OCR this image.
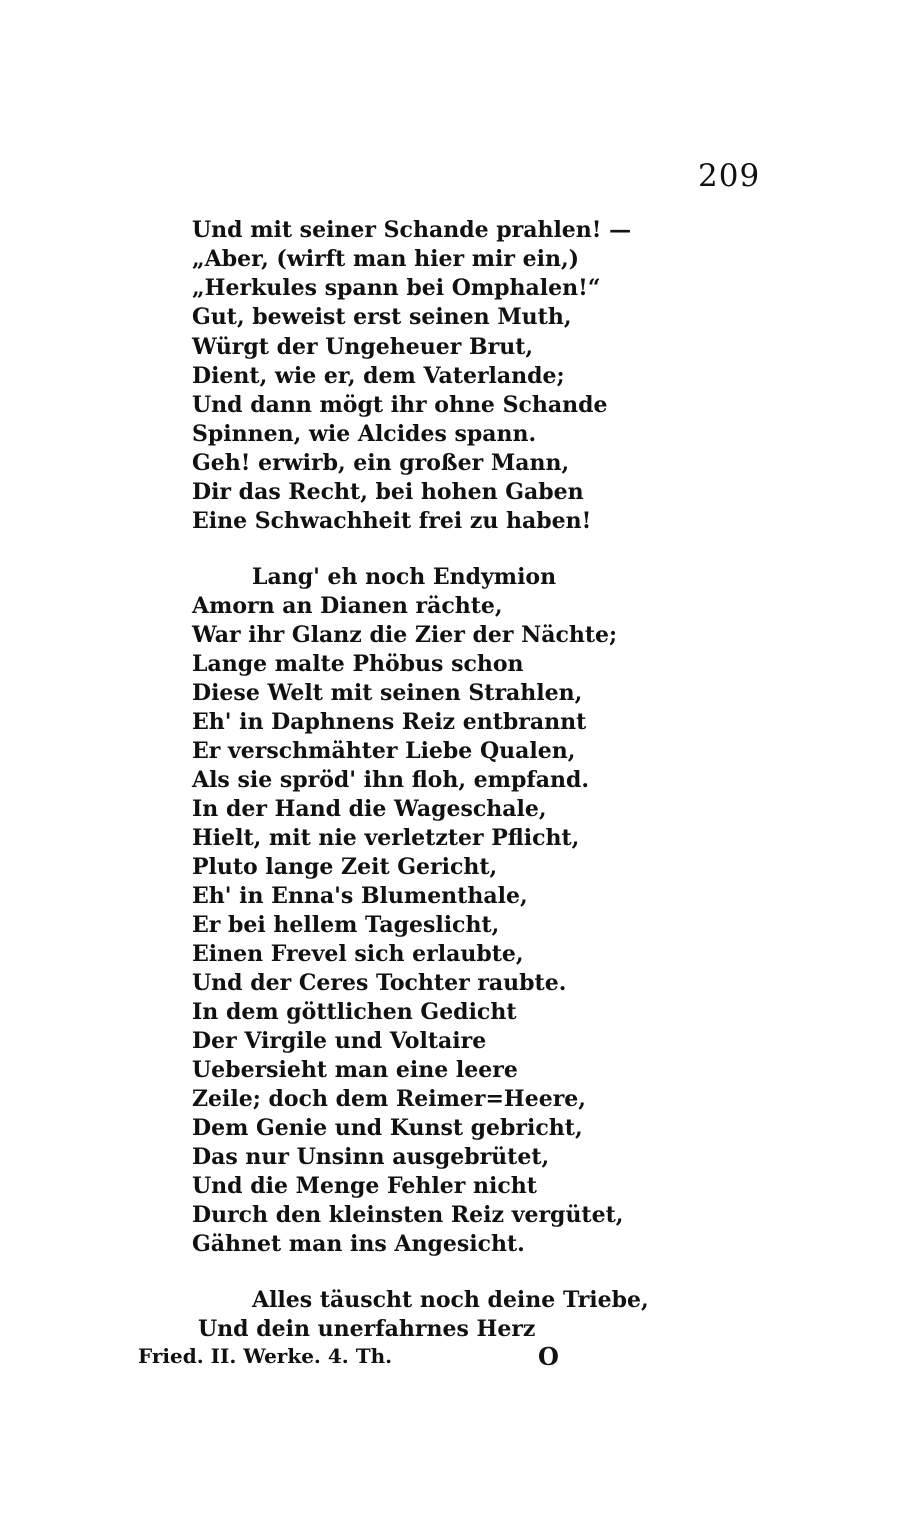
209
Und mit seiner Schande prahlen! —
„Aber, (wirft man hier mir ein,)
„Herkules spann bei Omphalen!“
Gut, beweist erst seinen Muth,
Würgt der Ungeheuer Brut,
Dient, wie er, dem Vaterlande;
Und dann mögt ihr ohne Schande
Spinnen, wie Alcides spann.
Geh! erwirb, ein großer Mann,
Dir das Recht, bei hohen Gaben
Eine Schwachheit frei zu haben!
Lang' eh noch Endymion
Amorn an Dianen rächte,
War ihr Glanz die Zier der Nächte;
Lange malte Phöbus schon
Diese Welt mit seinen Strahlen,
Eh' in Daphnens Reiz entbrannt
Er verschmähter Liebe Qualen,
Als sie spröd' ihn floh, empfand.
In der Hand die Wageschale,
Hielt, mit nie verletzter Pflicht,
Pluto lange Zeit Gericht,
Eh' in Enna's Blumenthale,
Er bei hellem Tageslicht,
Einen Frevel sich erlaubte,
Und der Ceres Tochter raubte.
In dem göttlichen Gedicht
Der Virgile und Voltaire
Uebersieht man eine leere
Zeile; doch dem Reimer=Heere,
Dem Genie und Kunst gebricht,
Das nur Unsinn ausgebrütet,
Und die Menge Fehler nicht
Durch den kleinsten Reiz vergütet,
Gähnet man ins Angesicht.
Alles täuscht noch deine Triebe,
Und dein unerfahrnes Herz
Fried. II. Werke. 4. Th.	O
